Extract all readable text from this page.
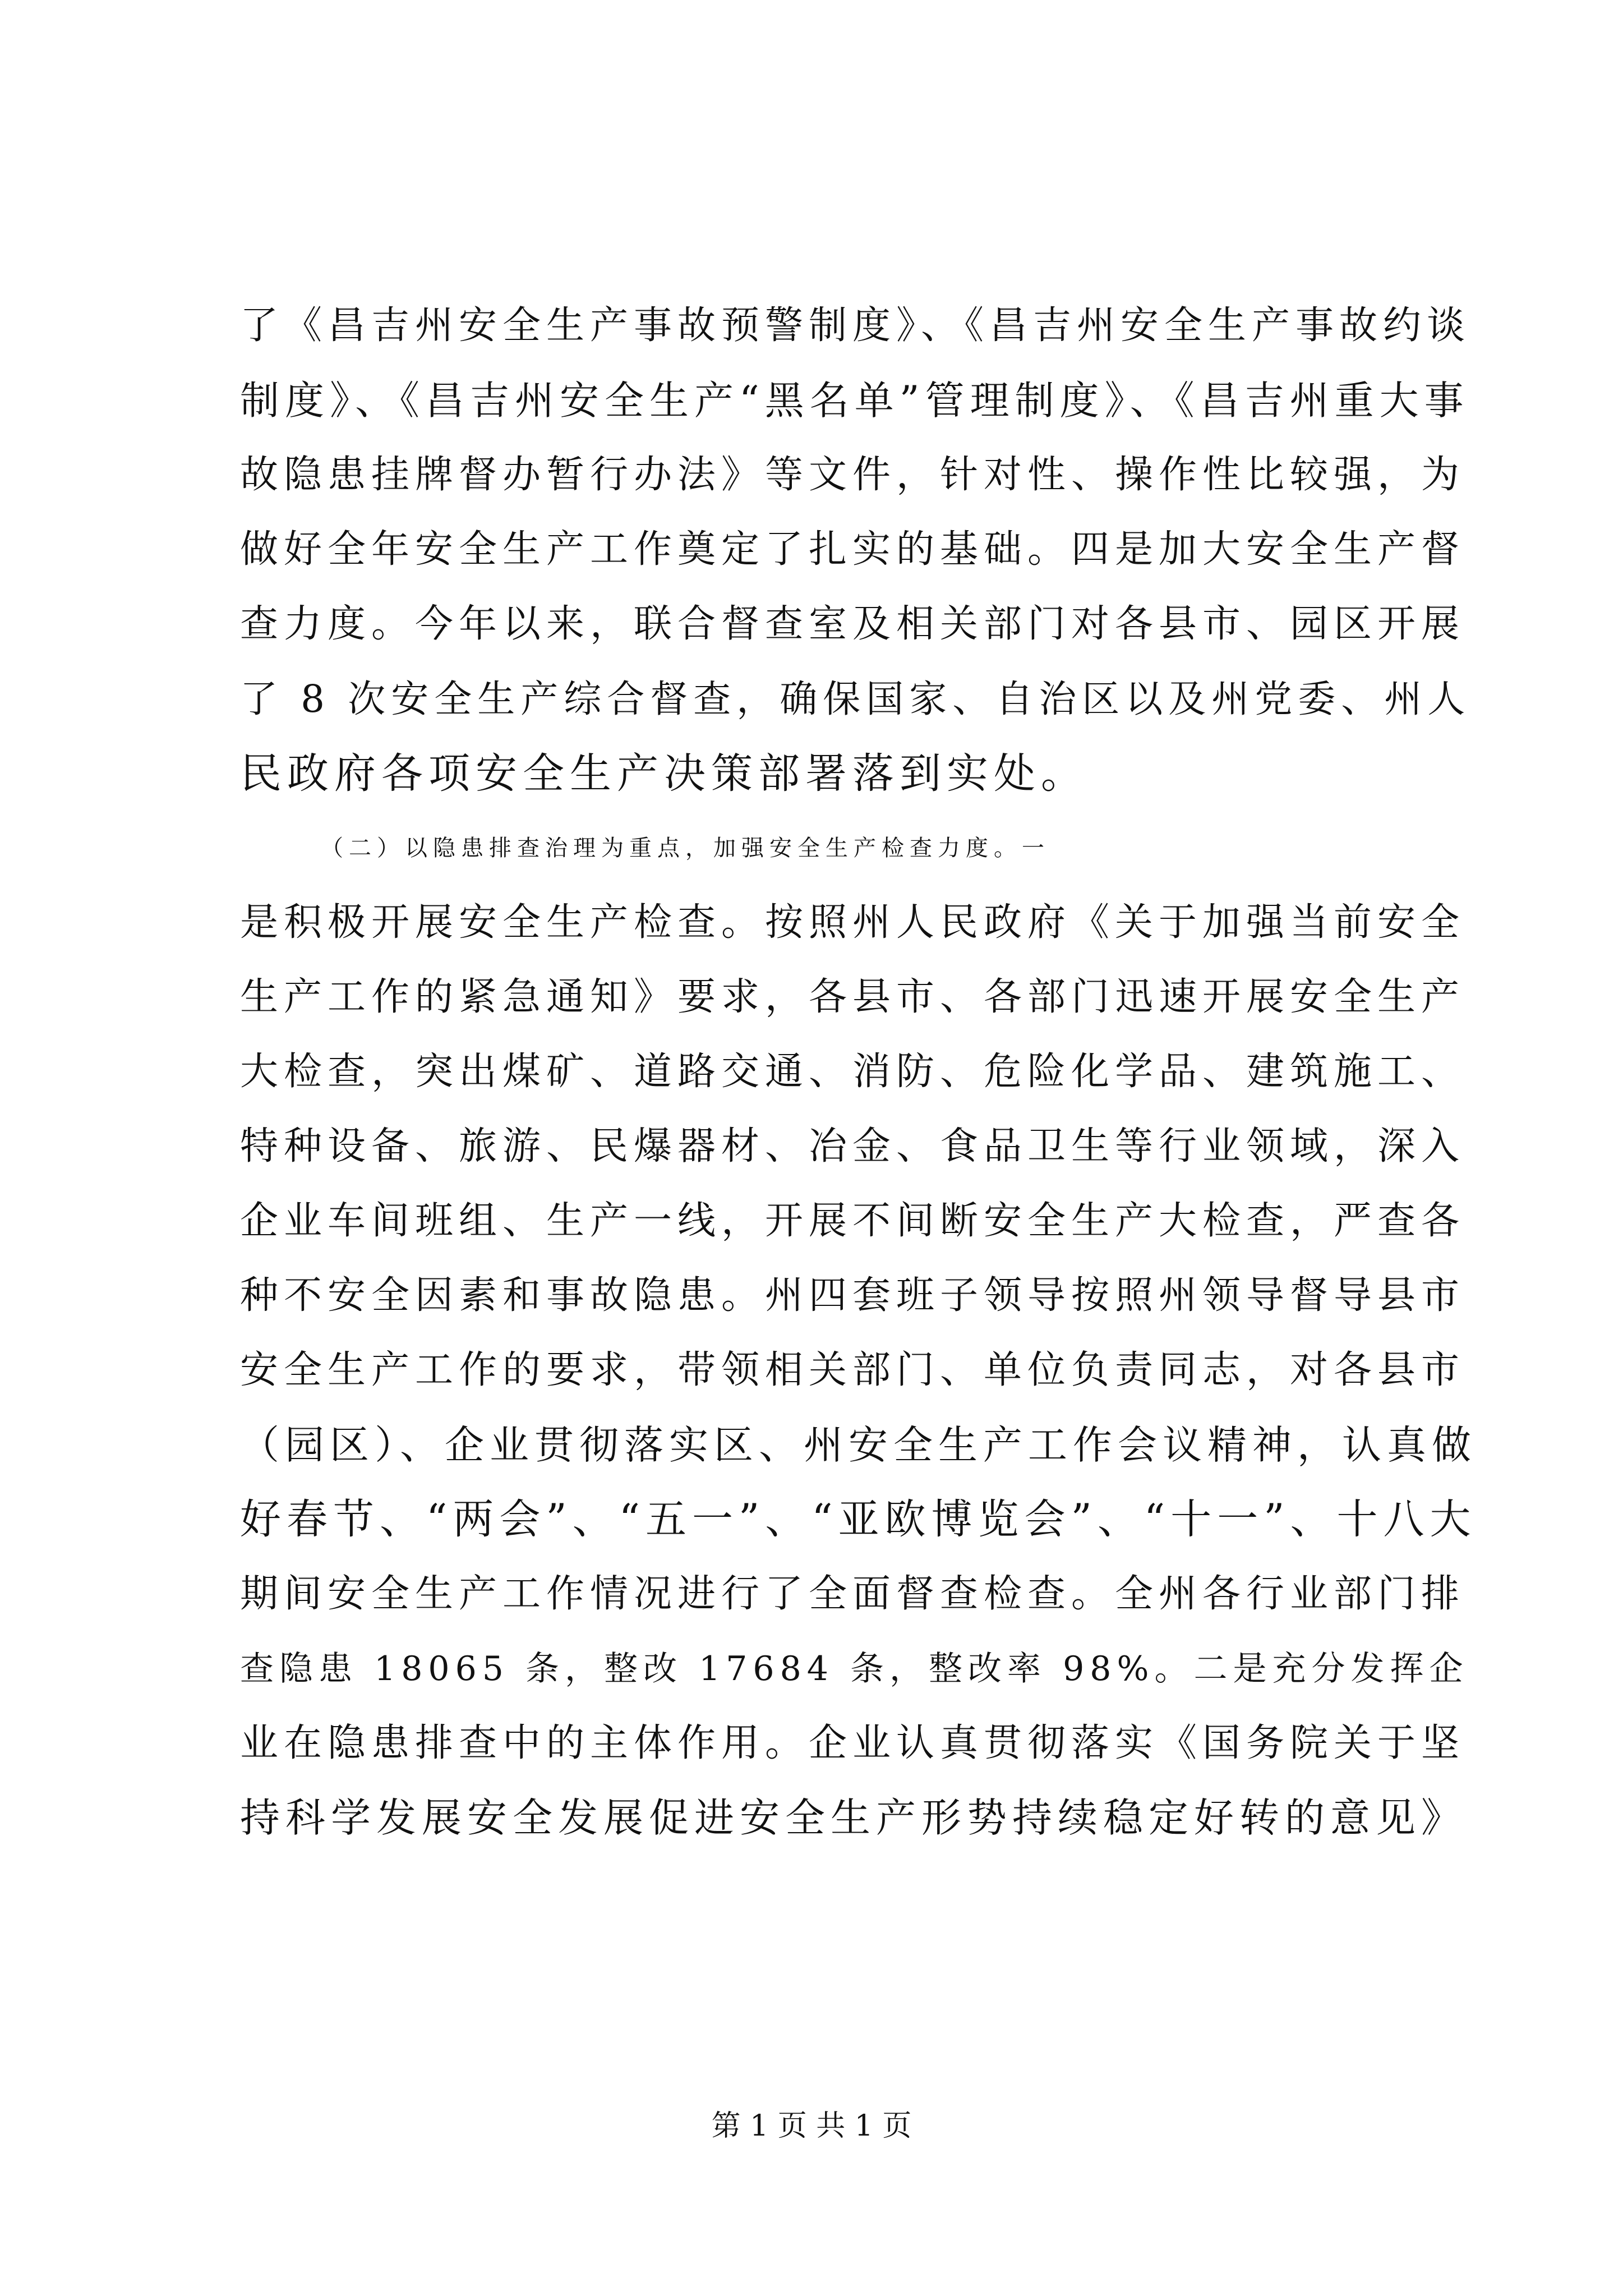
了《昌吉州安全生产事故预警制度》、《昌吉州安全生产事故约谈
制度》、《昌吉州安全生产“黑名单”管理制度》、《昌吉州重大事
故隐患挂牌督办暂行办法》等文件，针对性、操作性比较强，为
做好全年安全生产工作奠定了扎实的基础。四是加大安全生产督
查力度。今年以来，联合督查室及相关部门对各县市、园区开展
了 8 次安全生产综合督查，确保国家、自治区以及州党委、州人
民政府各项安全生产决策部署落到实处。
（二）以隐患排查治理为重点，加强安全生产检查力度。一
是积极开展安全生产检查。按照州人民政府《关于加强当前安全
生产工作的紧急通知》要求，各县市、各部门迅速开展安全生产
大检查，突出煤矿、道路交通、消防、危险化学品、建筑施工、
特种设备、旅游、民爆器材、冶金、食品卫生等行业领域，深入
企业车间班组、生产一线，开展不间断安全生产大检查，严查各
种不安全因素和事故隐患。州四套班子领导按照州领导督导县市
安全生产工作的要求，带领相关部门、单位负责同志，对各县市
（园区）、企业贯彻落实区、州安全生产工作会议精神，认真做
好春节、“两会”、“五一”、“亚欧博览会”、“十一”、十八大
期间安全生产工作情况进行了全面督查检查。全州各行业部门排
查隐患 18065 条，整改 17684 条，整改率 98%。二是充分发挥企
业在隐患排查中的主体作用。企业认真贯彻落实《国务院关于坚
持科学发展安全发展促进安全生产形势持续稳定好转的意见》
第 1 页 共 1 页
